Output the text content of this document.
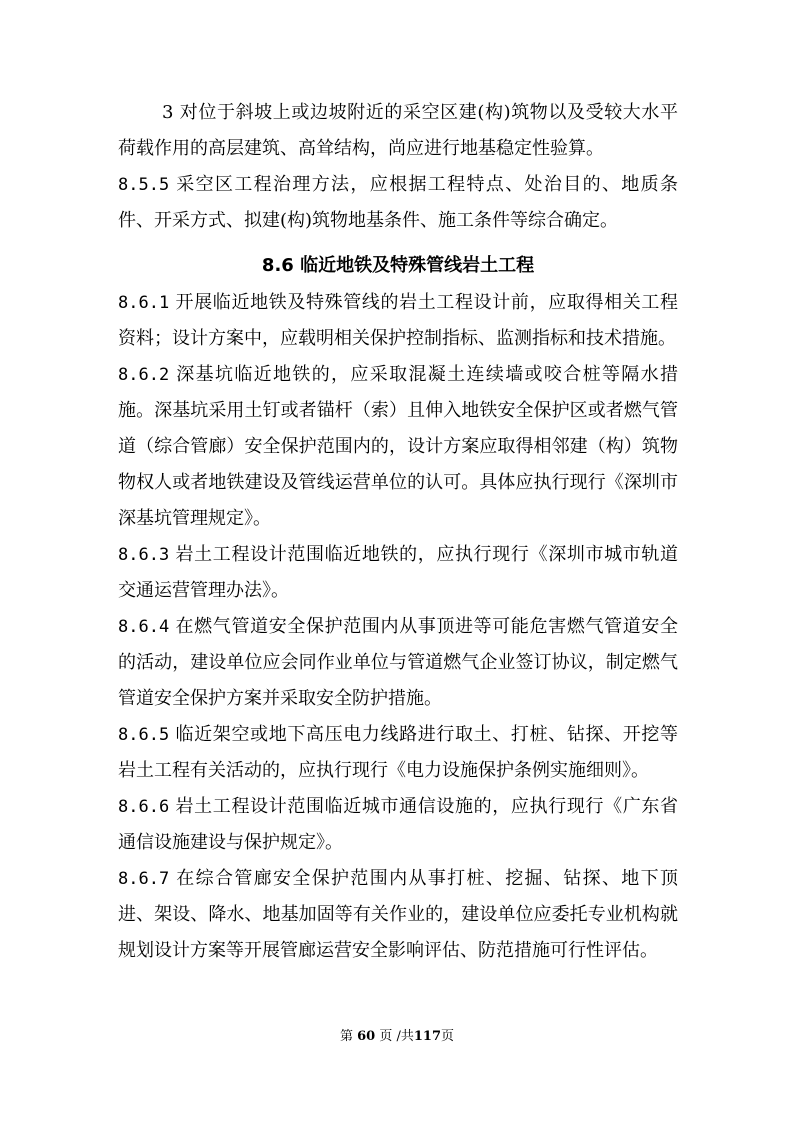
3 对位于斜坡上或边坡附近的采空区建(构)筑物以及受较大水平荷载作用的高层建筑、高耸结构，尚应进行地基稳定性验算。

8.5.5 采空区工程治理方法，应根据工程特点、处治目的、地质条件、开采方式、拟建(构)筑物地基条件、施工条件等综合确定。

8.6 临近地铁及特殊管线岩土工程

8.6.1 开展临近地铁及特殊管线的岩土工程设计前，应取得相关工程资料；设计方案中，应载明相关保护控制指标、监测指标和技术措施。

8.6.2 深基坑临近地铁的，应采取混凝土连续墙或咬合桩等隔水措施。深基坑采用土钉或者锚杆（索）且伸入地铁安全保护区或者燃气管道（综合管廊）安全保护范围内的，设计方案应取得相邻建（构）筑物物权人或者地铁建设及管线运营单位的认可。具体应执行现行《深圳市深基坑管理规定》。

8.6.3 岩土工程设计范围临近地铁的，应执行现行《深圳市城市轨道交通运营管理办法》。

8.6.4 在燃气管道安全保护范围内从事顶进等可能危害燃气管道安全的活动，建设单位应会同作业单位与管道燃气企业签订协议，制定燃气管道安全保护方案并采取安全防护措施。

8.6.5 临近架空或地下高压电力线路进行取土、打桩、钻探、开挖等岩土工程有关活动的，应执行现行《电力设施保护条例实施细则》。

8.6.6 岩土工程设计范围临近城市通信设施的，应执行现行《广东省通信设施建设与保护规定》。

8.6.7 在综合管廊安全保护范围内从事打桩、挖掘、钻探、地下顶进、架设、降水、地基加固等有关作业的，建设单位应委托专业机构就规划设计方案等开展管廊运营安全影响评估、防范措施可行性评估。

第 60 页 /共117页
